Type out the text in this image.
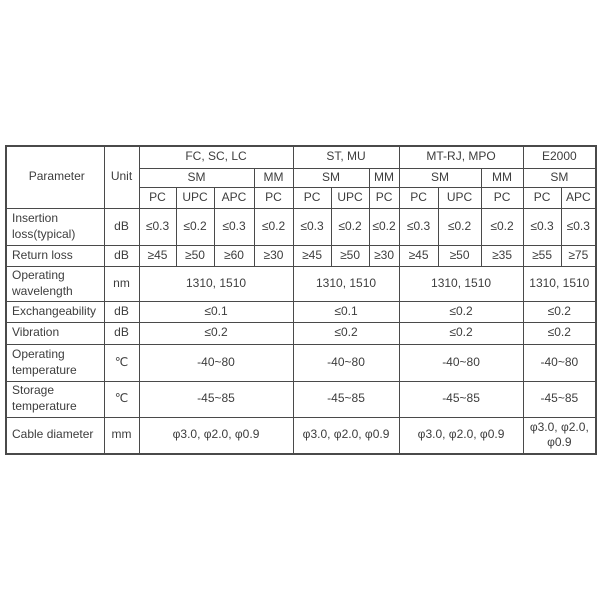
Parameter	Unit	FC, SC, LC				ST, MU			MT-RJ, MPO			E2000	
		SM			MM	SM		MM	SM		MM	SM	
		PC	UPC	APC	PC	PC	UPC	PC	PC	UPC	PC	PC	APC
Insertion loss(typical)	dB	≤0.3	≤0.2	≤0.3	≤0.2	≤0.3	≤0.2	≤0.2	≤0.3	≤0.2	≤0.2	≤0.3	≤0.3
Return loss	dB	≥45	≥50	≥60	≥30	≥45	≥50	≥30	≥45	≥50	≥35	≥55	≥75
Operating wavelength	nm	1310, 1510				1310, 1510			1310, 1510			1310, 1510	
Exchangeability	dB	≤0.1				≤0.1			≤0.2			≤0.2	
Vibration	dB	≤0.2				≤0.2			≤0.2			≤0.2	
Operating temperature	℃	-40~80				-40~80			-40~80			-40~80	
Storage temperature	℃	-45~85				-45~85			-45~85			-45~85	
Cable diameter	mm	φ3.0, φ2.0, φ0.9				φ3.0, φ2.0, φ0.9			φ3.0, φ2.0, φ0.9			φ3.0, φ2.0, φ0.9	
